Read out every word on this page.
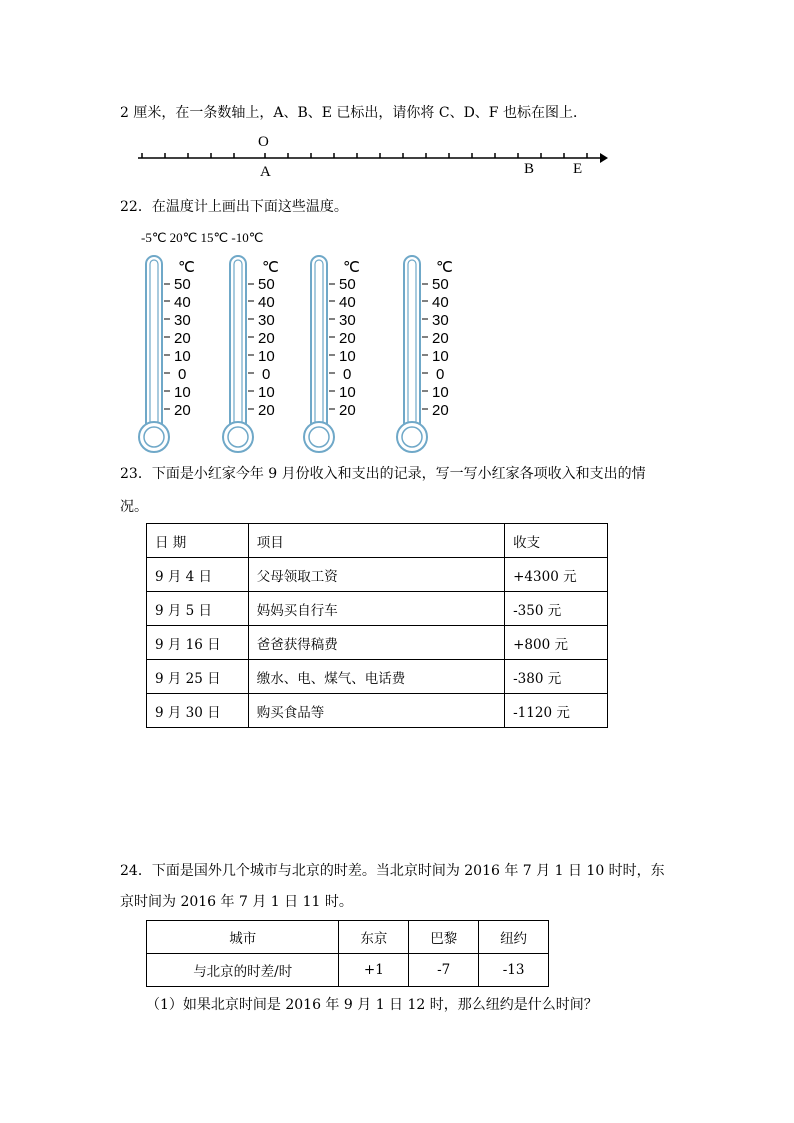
2 厘米，在一条数轴上，A、B、E 已标出，请你将 C、D、F 也标在图上．
O
A	B	E
22．在温度计上画出下面这些温度。
-5℃ 20℃ 15℃ -10℃
℃
50
40
30
20
10
0
10
20
℃
50
40
30
20
10
0
10
20
℃
50
40
30
20
10
0
10
20
℃
50
40
30
20
10
0
10
20
23．下面是小红家今年 9 月份收入和支出的记录，写一写小红家各项收入和支出的情
况。
日 期	项目	收支
9 月 4 日	父母领取工资	+4300 元
9 月 5 日	妈妈买自行车	-350 元
9 月 16 日	爸爸获得稿费	+800 元
9 月 25 日	缴水、电、煤气、电话费	-380 元
9 月 30 日	购买食品等	-1120 元
24．下面是国外几个城市与北京的时差。当北京时间为 2016 年 7 月 1 日 10 时时，东
京时间为 2016 年 7 月 1 日 11 时。
城市	东京	巴黎	纽约
与北京的时差/时	+1	-7	-13
（1）如果北京时间是 2016 年 9 月 1 日 12 时，那么纽约是什么时间？
